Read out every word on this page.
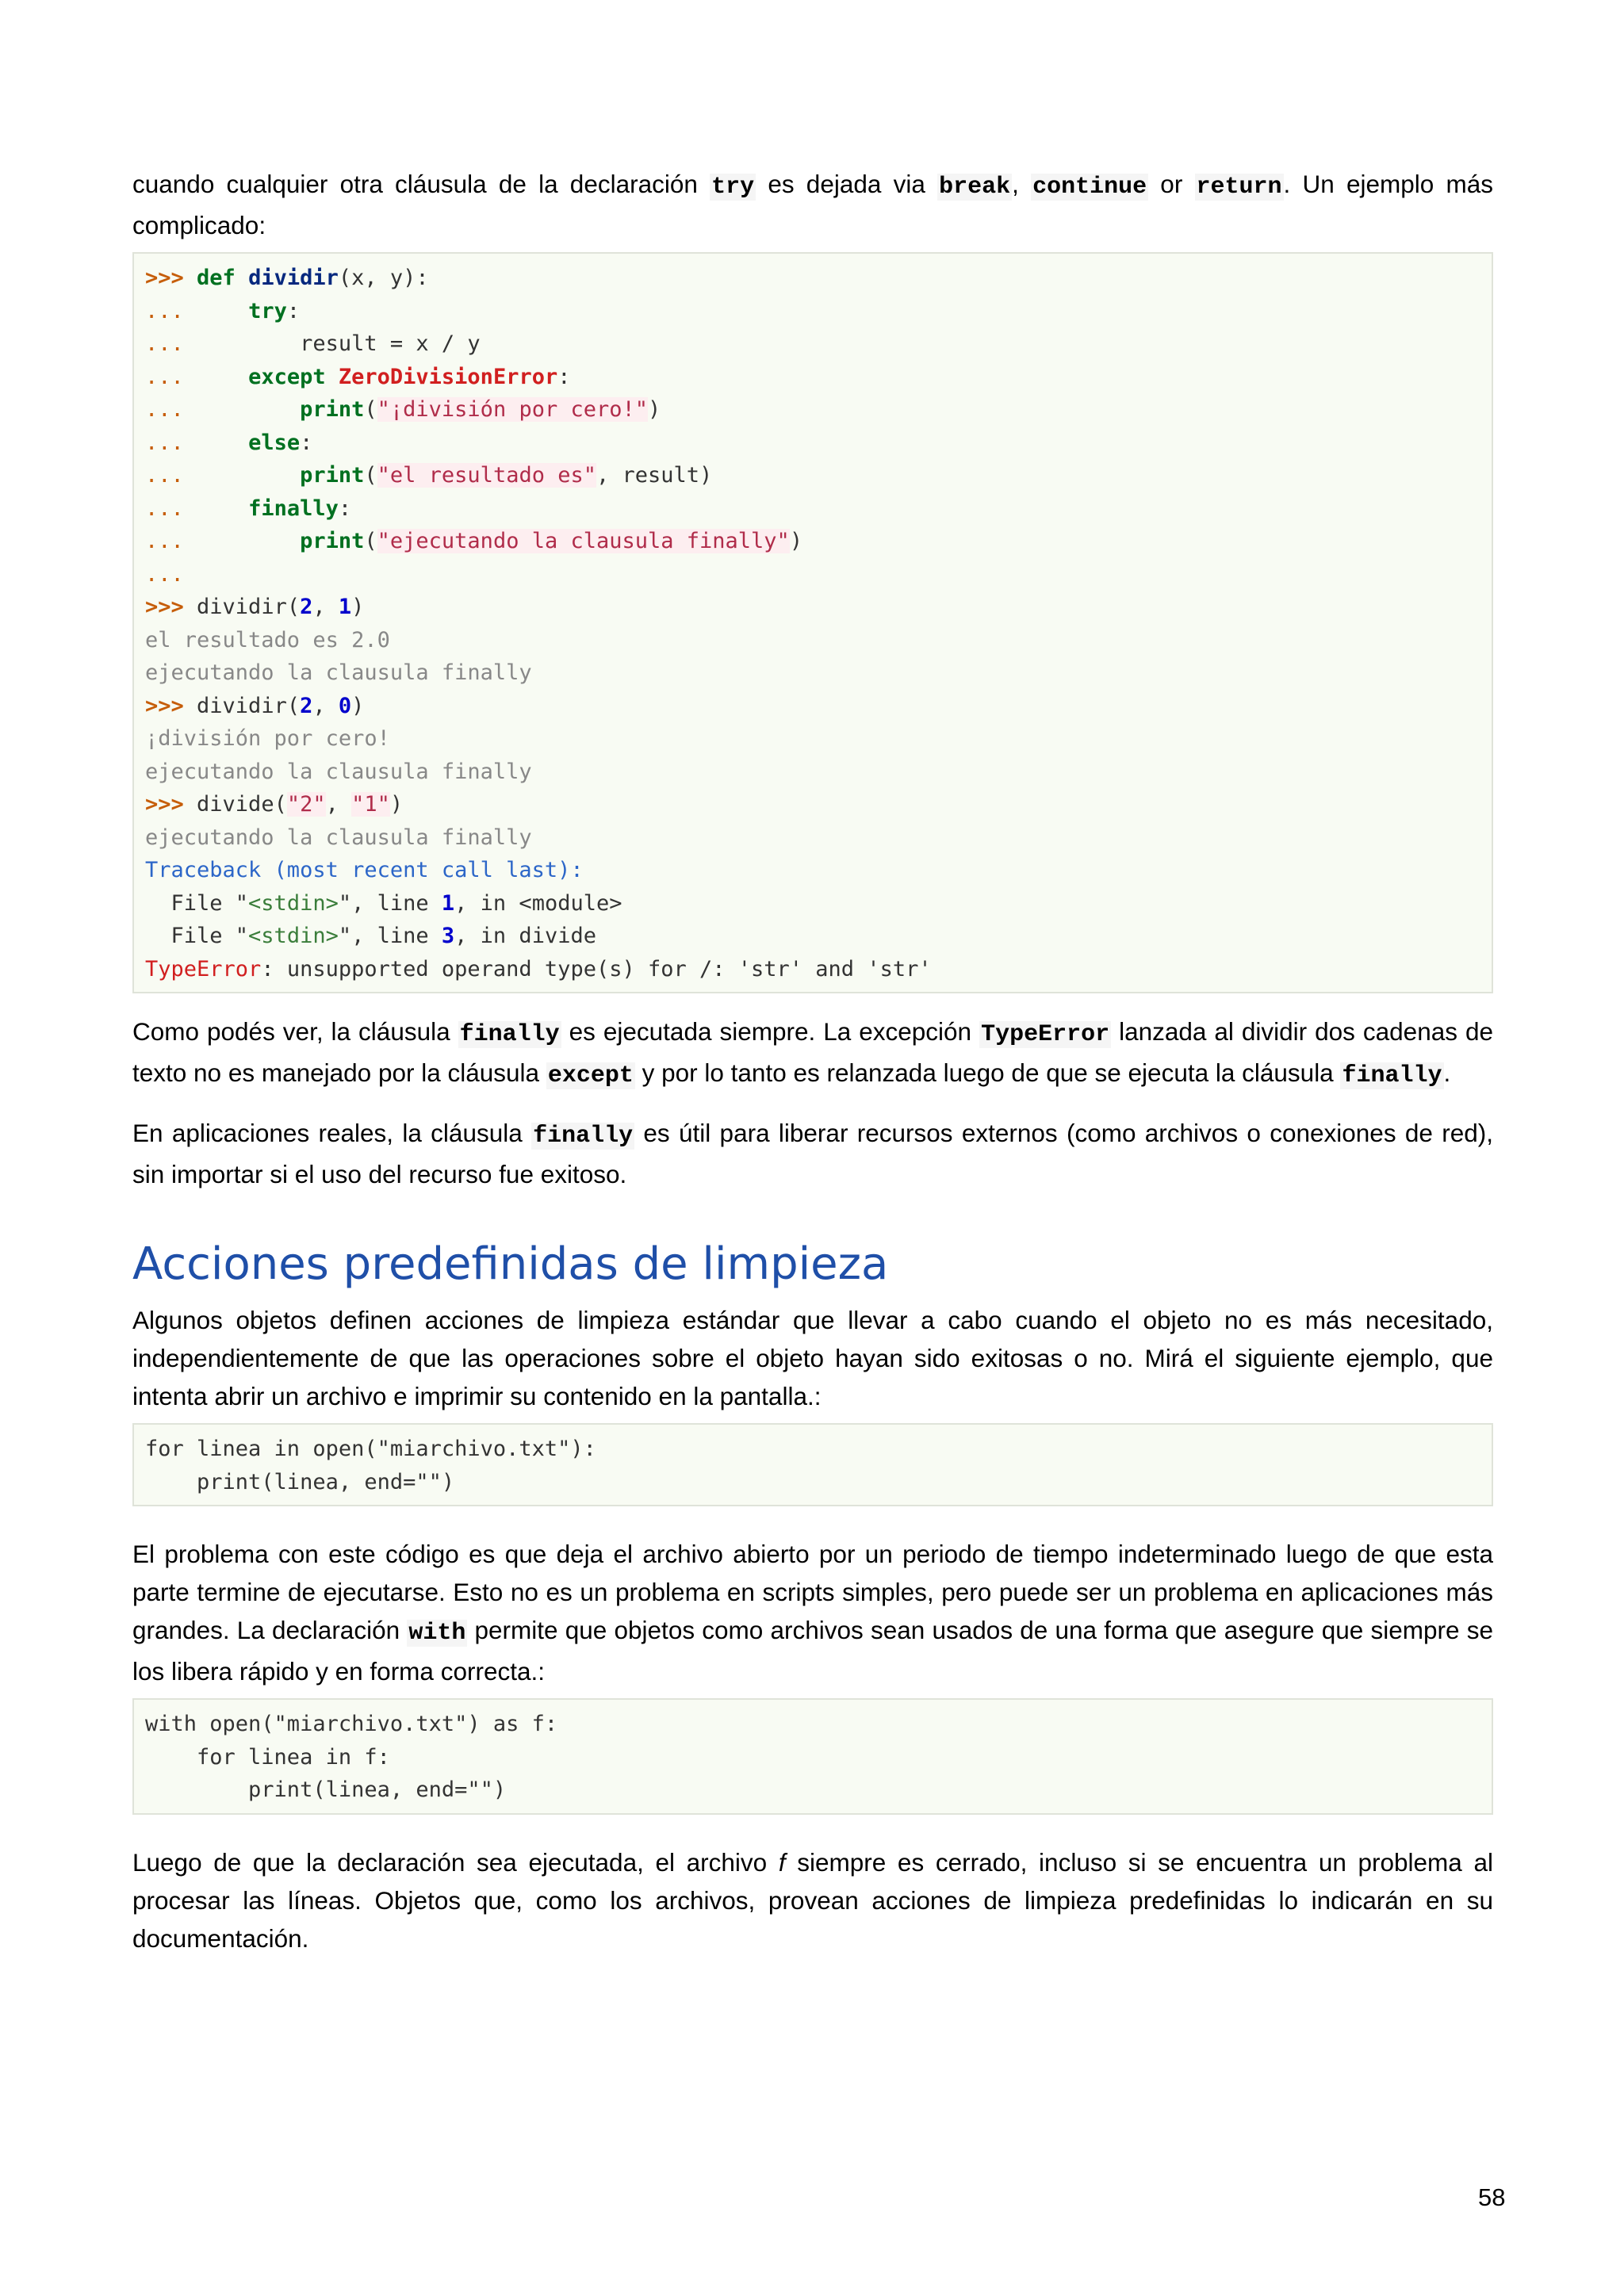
cuando cualquier otra cláusula de la declaración try es dejada via break, continue or return. Un ejemplo más complicado:

>>> def dividir(x, y):
...	try:
...	result = x / y
...	except ZeroDivisionError:
...	print("¡división por cero!")
...	else:
...	print("el resultado es", result)
...	finally:
...	print("ejecutando la clausula finally")
...
>>> dividir(2, 1)
el resultado es 2.0
ejecutando la clausula finally
>>> dividir(2, 0)
¡división por cero!
ejecutando la clausula finally
>>> divide("2", "1")
ejecutando la clausula finally
Traceback (most recent call last):
File "<stdin>", line 1, in <module>
File "<stdin>", line 3, in divide
TypeError: unsupported operand type(s) for /: 'str' and 'str'

Como podés ver, la cláusula finally es ejecutada siempre. La excepción TypeError lanzada al dividir dos cadenas de texto no es manejado por la cláusula except y por lo tanto es relanzada luego de que se ejecuta la cláusula finally.

En aplicaciones reales, la cláusula finally es útil para liberar recursos externos (como archivos o conexiones de red), sin importar si el uso del recurso fue exitoso.

Acciones predefinidas de limpieza

Algunos objetos definen acciones de limpieza estándar que llevar a cabo cuando el objeto no es más necesitado, independientemente de que las operaciones sobre el objeto hayan sido exitosas o no. Mirá el siguiente ejemplo, que intenta abrir un archivo e imprimir su contenido en la pantalla.:

for linea in open("miarchivo.txt"):
print(linea, end="")

El problema con este código es que deja el archivo abierto por un periodo de tiempo indeterminado luego de que esta parte termine de ejecutarse. Esto no es un problema en scripts simples, pero puede ser un problema en aplicaciones más grandes. La declaración with permite que objetos como archivos sean usados de una forma que asegure que siempre se los libera rápido y en forma correcta.:

with open("miarchivo.txt") as f:
for linea in f:
print(linea, end="")

Luego de que la declaración sea ejecutada, el archivo f siempre es cerrado, incluso si se encuentra un problema al procesar las líneas. Objetos que, como los archivos, provean acciones de limpieza predefinidas lo indicarán en su documentación.

58
